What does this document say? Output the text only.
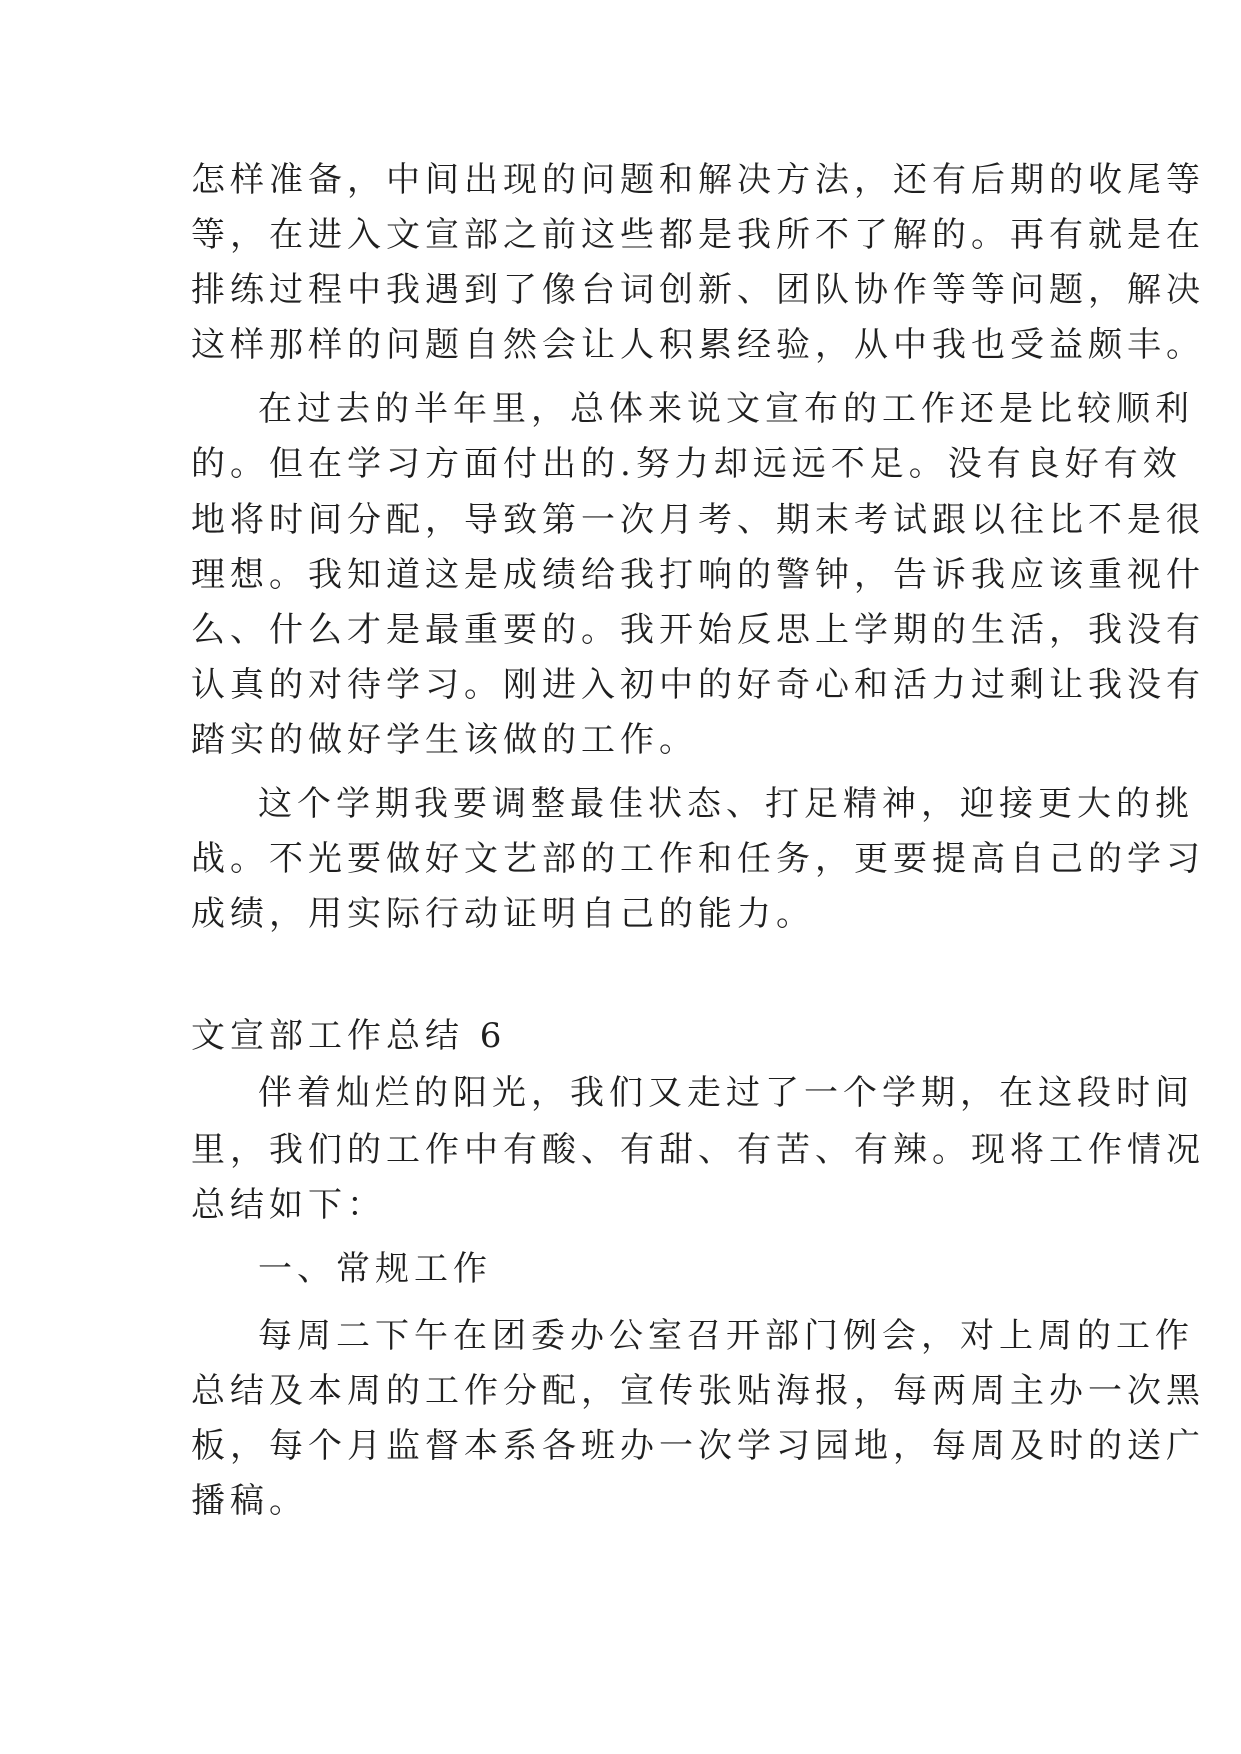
怎样准备，中间出现的问题和解决方法，还有后期的收尾等
等，在进入文宣部之前这些都是我所不了解的。再有就是在
排练过程中我遇到了像台词创新、团队协作等等问题，解决
这样那样的问题自然会让人积累经验，从中我也受益颇丰。
在过去的半年里，总体来说文宣布的工作还是比较顺利
的。但在学习方面付出的.努力却远远不足。没有良好有效
地将时间分配，导致第一次月考、期末考试跟以往比不是很
理想。我知道这是成绩给我打响的警钟，告诉我应该重视什
么、什么才是最重要的。我开始反思上学期的生活，我没有
认真的对待学习。刚进入初中的好奇心和活力过剩让我没有
踏实的做好学生该做的工作。
这个学期我要调整最佳状态、打足精神，迎接更大的挑
战。不光要做好文艺部的工作和任务，更要提高自己的学习
成绩，用实际行动证明自己的能力。
文宣部工作总结 6
伴着灿烂的阳光，我们又走过了一个学期，在这段时间
里，我们的工作中有酸、有甜、有苦、有辣。现将工作情况
总结如下：
一、常规工作
每周二下午在团委办公室召开部门例会，对上周的工作
总结及本周的工作分配，宣传张贴海报，每两周主办一次黑
板，每个月监督本系各班办一次学习园地，每周及时的送广
播稿。
